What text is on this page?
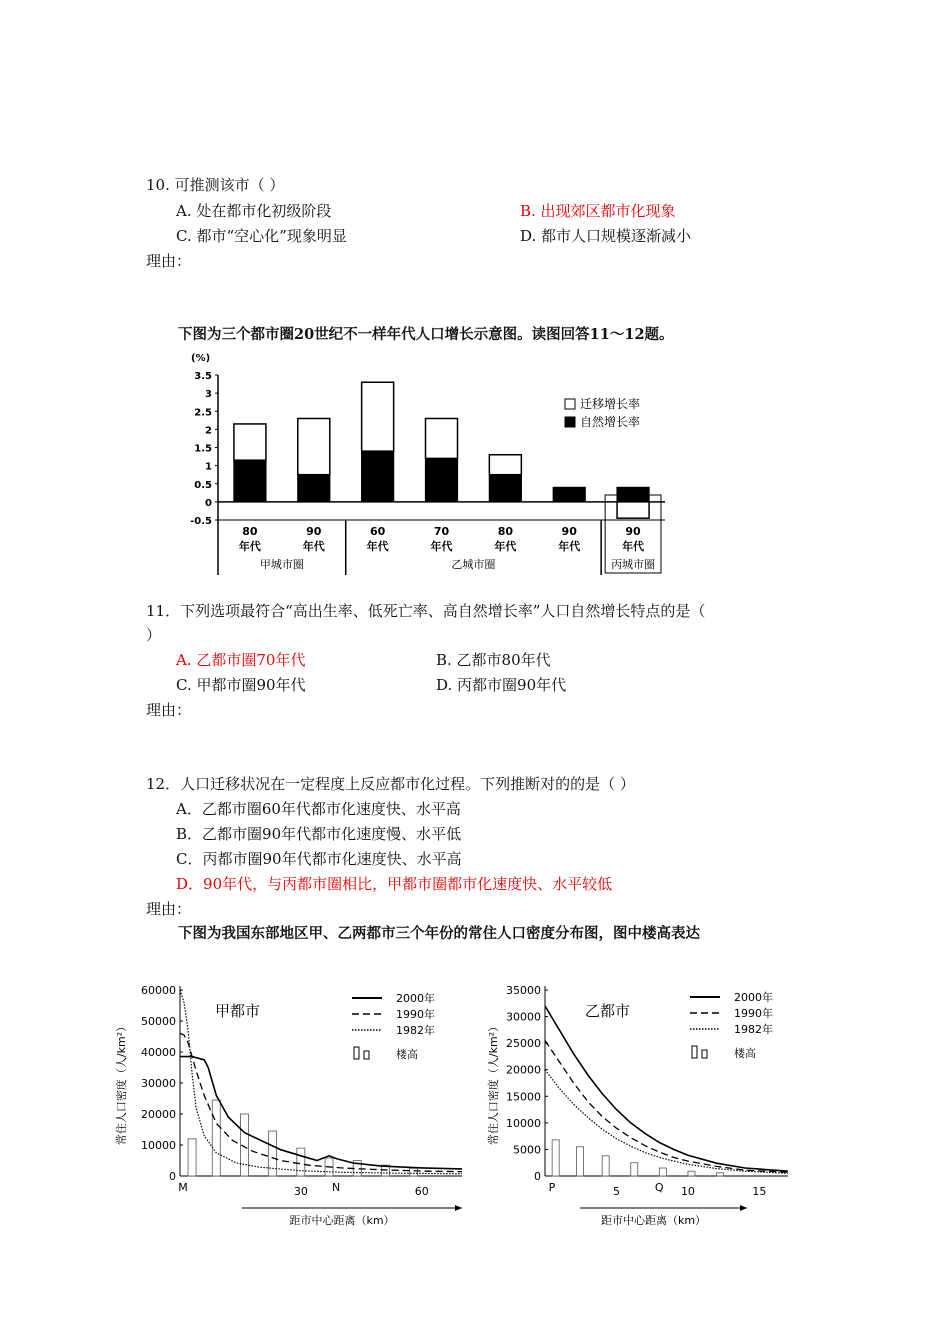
10. 可推测该市（ ）
A. 处在都市化初级阶段	B. 出现郊区都市化现象
C. 都市“空心化”现象明显	D. 都市人口规模逐渐减小
理由：
下图为三个都市圈20世纪不一样年代人口增长示意图。读图回答11～12题。
(%)
3.5
3
2.5
2
1.5
1
0.5
0
-0.5
80
年代
90
年代
60
年代
70
年代
80
年代
90
年代
90
年代
甲城市圈	乙城市圈	丙城市圈
迁移增长率
自然增长率
11．下列选项最符合“高出生率、低死亡率、高自然增长率”人口自然增长特点的是（
）
A. 乙都市圈70年代	B. 乙都市80年代
C. 甲都市圈90年代	D. 丙都市圈90年代
理由：
12．人口迁移状况在一定程度上反应都市化过程。下列推断对的的是（ ）
A．乙都市圈60年代都市化速度快、水平高
B．乙都市圈90年代都市化速度慢、水平低
C．丙都市圈90年代都市化速度快、水平高
D．90年代，与丙都市圈相比，甲都市圈都市化速度快、水平较低
理由：
下图为我国东部地区甲、乙两都市三个年份的常住人口密度分布图，图中楼高表达
60000
50000
40000
30000
20000
10000
0
30	60
M	N
甲都市
2000年
1990年
1982年
楼高
常住人口密度（人/km²）
距市中心距离（km）
35000
30000
25000
20000
15000
10000
5000
0
5	10	15
P	Q
乙都市
2000年
1990年
1982年
楼高
常住人口密度（人/km²）
距市中心距离（km）
